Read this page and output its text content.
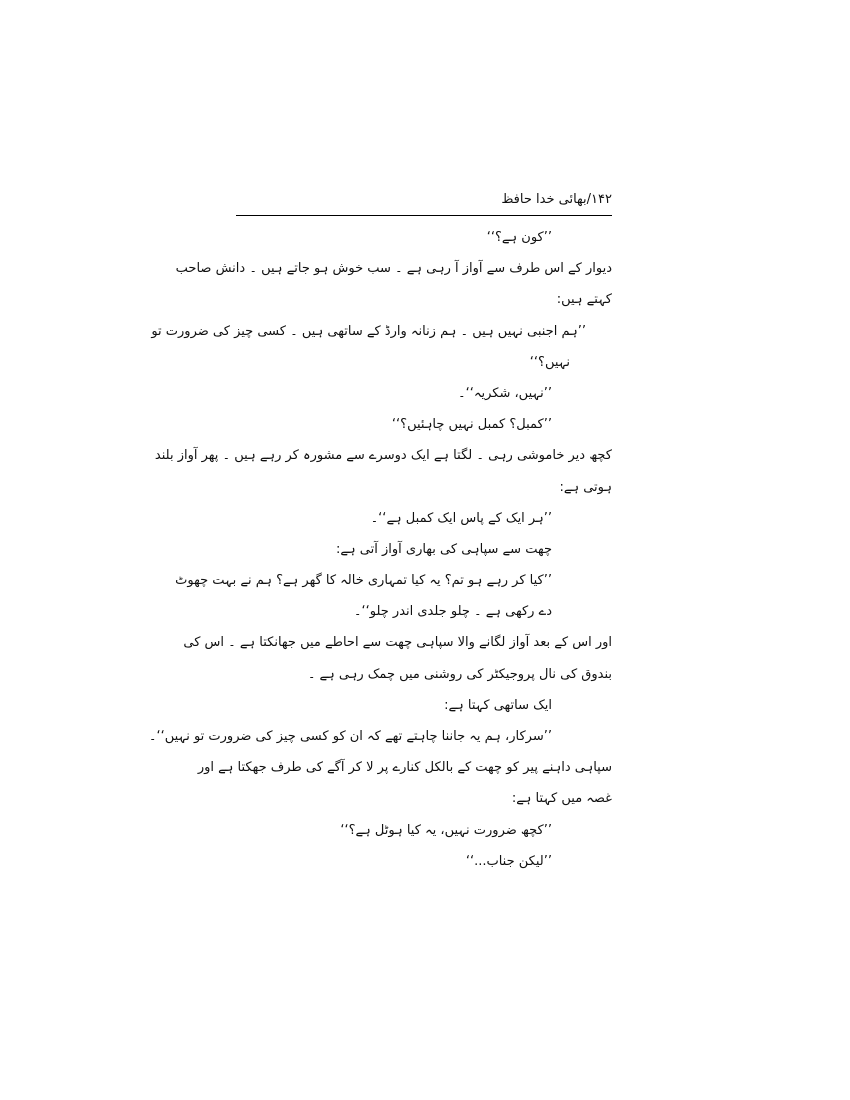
۱۴۲/بھائی خدا حافظ
’’کون ہے؟‘‘
دیوار کے اس طرف سے آواز آ رہی ہے ۔ سب خوش ہو جاتے ہیں ۔ دانش صاحب
کہتے ہیں:
’’ہم اجنبی نہیں ہیں ۔ ہم زنانہ وارڈ کے ساتھی ہیں ۔ کسی چیز کی ضرورت تو
نہیں؟‘‘
’’نہیں، شکریہ‘‘۔
’’کمبل؟ کمبل نہیں چاہئیں؟‘‘
کچھ دیر خاموشی رہی ۔ لگتا ہے ایک دوسرے سے مشورہ کر رہے ہیں ۔ پھر آواز بلند
ہوتی ہے:
’’ہر ایک کے پاس ایک کمبل ہے‘‘۔
چھت سے سپاہی کی بھاری آواز آتی ہے:
’’کیا کر رہے ہو تم؟ یہ کیا تمہاری خالہ کا گھر ہے؟ ہم نے بہت چھوٹ
دے رکھی ہے ۔ چلو جلدی اندر چلو‘‘۔
اور اس کے بعد آواز لگانے والا سپاہی چھت سے احاطے میں جھانکتا ہے ۔ اس کی
بندوق کی نال پروجیکٹر کی روشنی میں چمک رہی ہے ۔
ایک ساتھی کہتا ہے:
’’سرکار، ہم یہ جاننا چاہتے تھے کہ ان کو کسی چیز کی ضرورت تو نہیں‘‘۔
سپاہی داہنے پیر کو چھت کے بالکل کنارے پر لا کر آگے کی طرف جھکتا ہے اور
غصہ میں کہتا ہے:
’’کچھ ضرورت نہیں، یہ کیا ہوٹل ہے؟‘‘
’’لیکن جناب...‘‘
